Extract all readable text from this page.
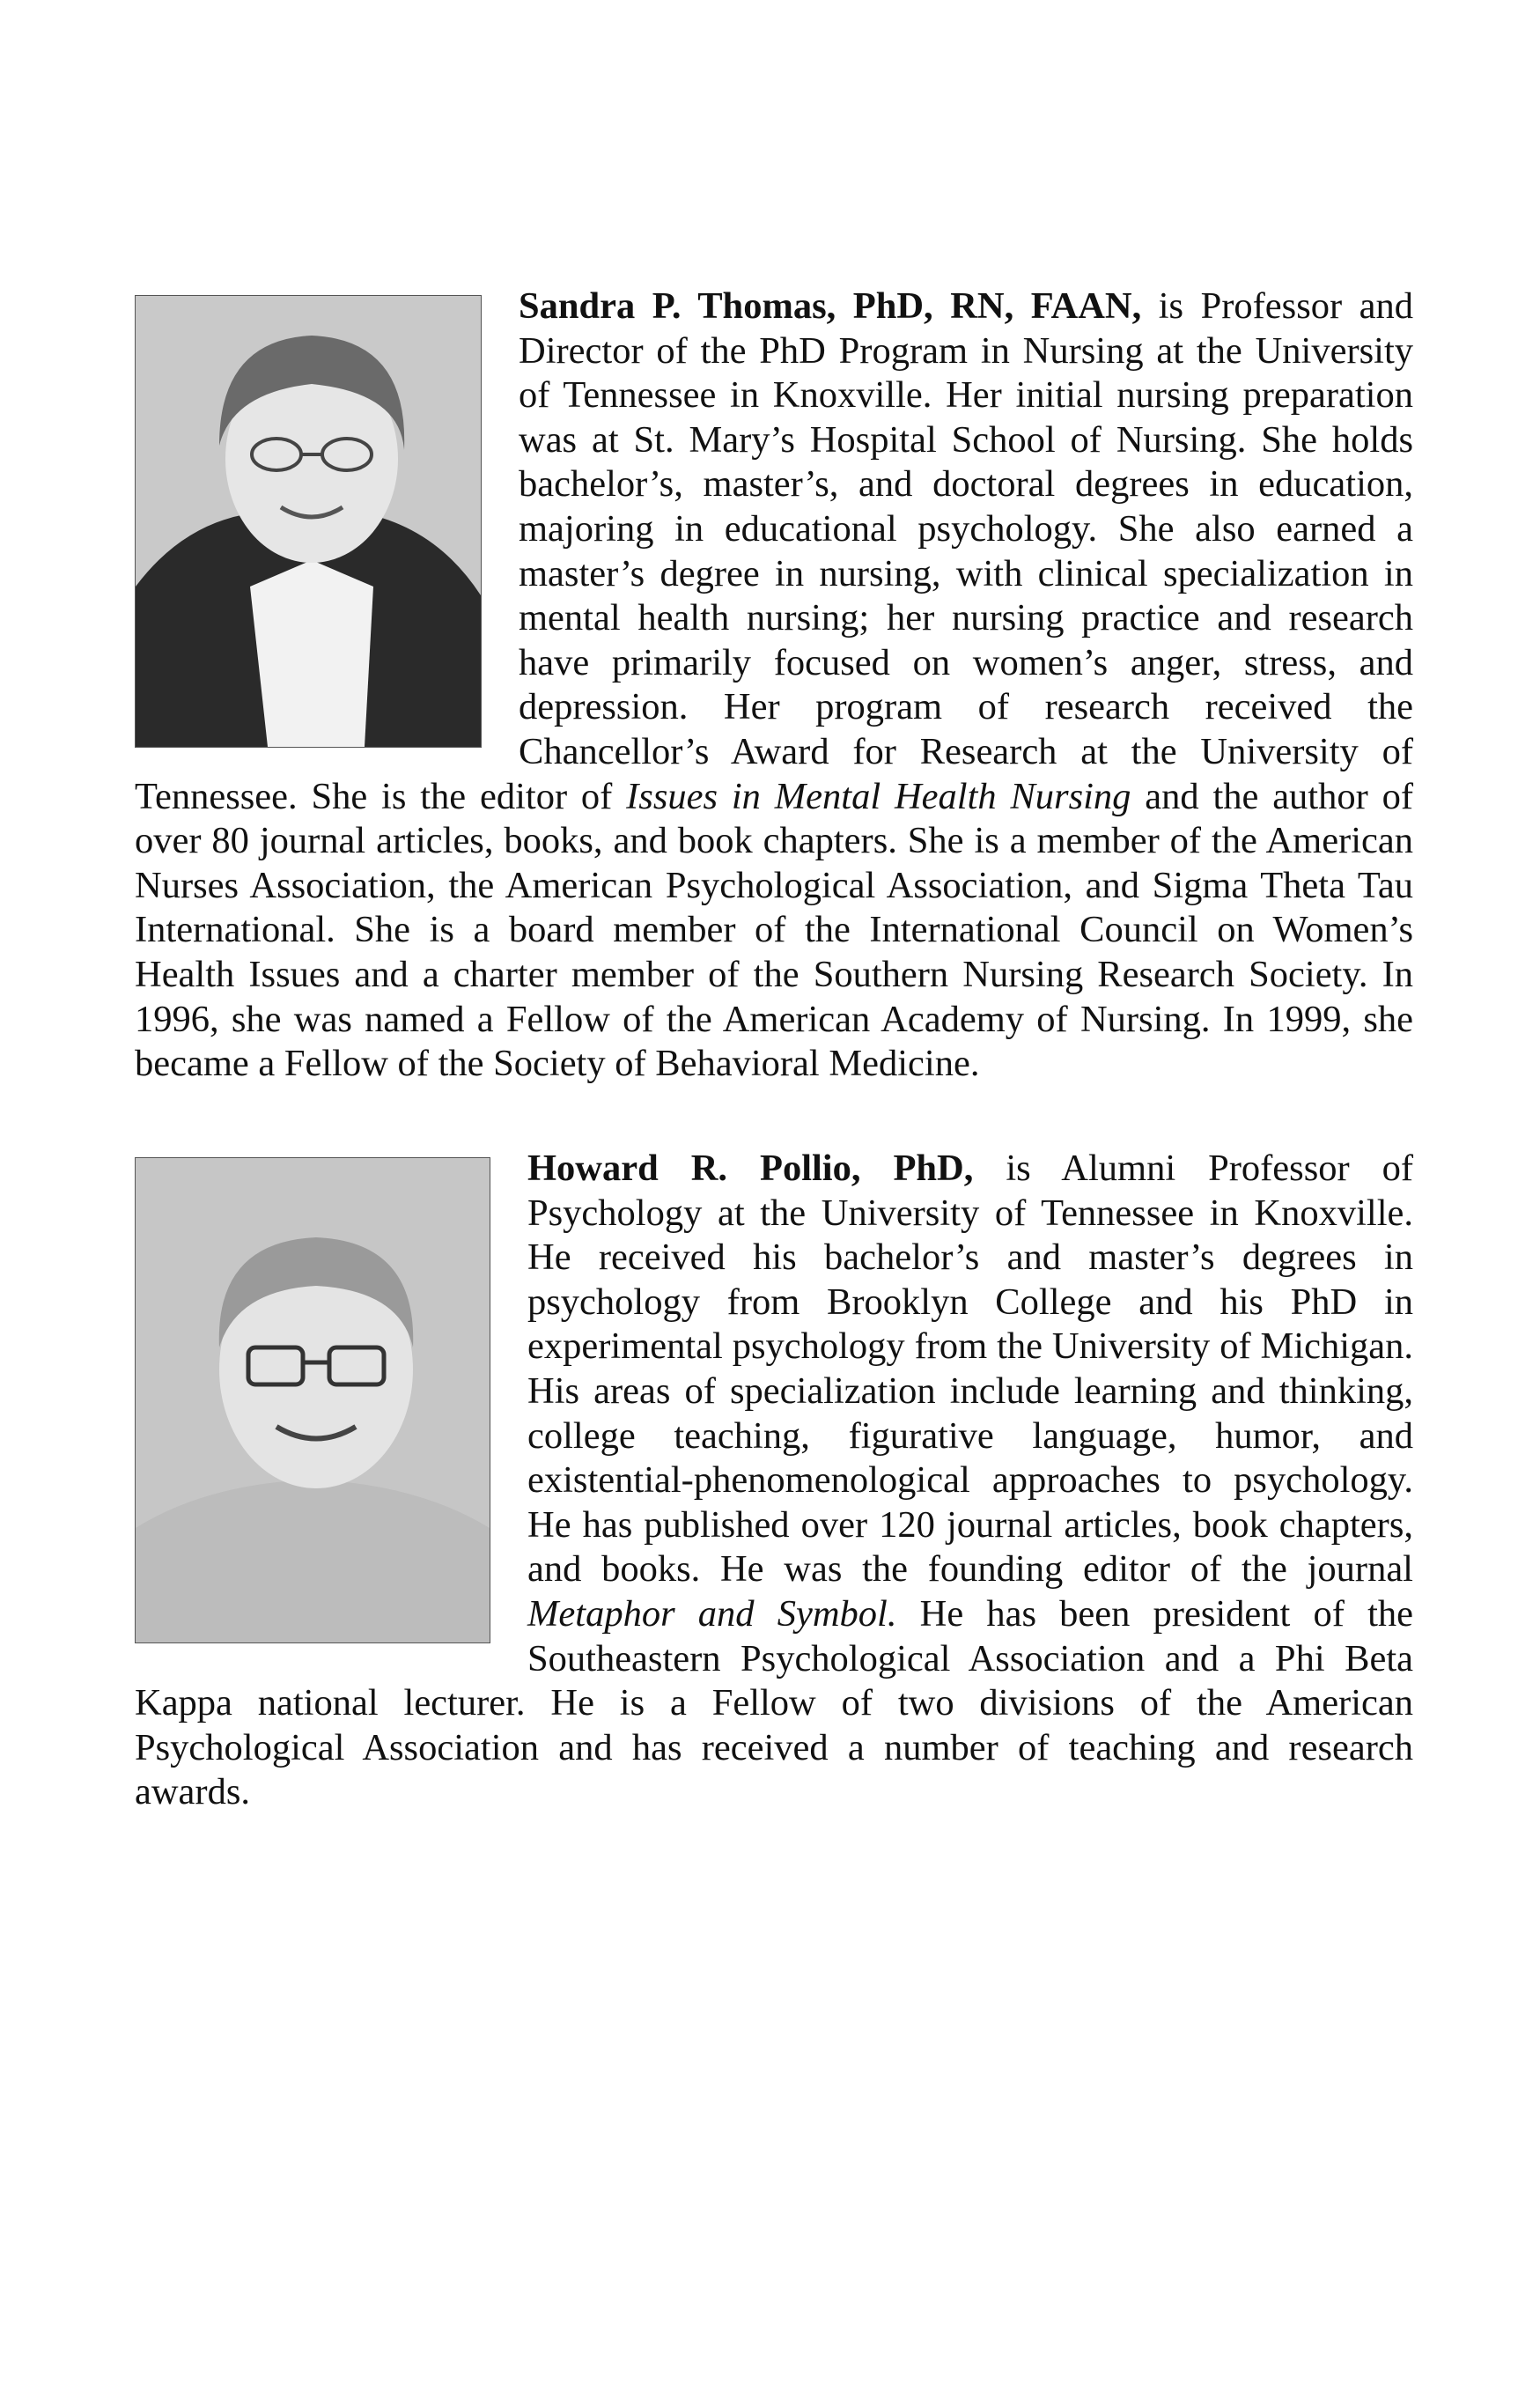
Sandra P. Thomas, PhD, RN, FAAN, is Professor and Director of the PhD Program in Nursing at the University of Tennessee in Knoxville. Her initial nursing preparation was at St. Mary’s Hospital School of Nursing. She holds bachelor’s, master’s, and doctoral degrees in education, majoring in educational psychology. She also earned a master’s degree in nursing, with clinical specialization in mental health nursing; her nursing practice and research have primarily focused on women’s anger, stress, and depression. Her program of research received the Chancellor’s Award for Research at the University of Tennessee. She is the editor of Issues in Mental Health Nursing and the author of over 80 journal articles, books, and book chapters. She is a member of the American Nurses Association, the American Psychological Association, and Sigma Theta Tau International. She is a board member of the International Council on Women’s Health Issues and a charter member of the Southern Nursing Research Society. In 1996, she was named a Fellow of the American Academy of Nursing. In 1999, she became a Fellow of the Society of Behavioral Medicine.

Howard R. Pollio, PhD, is Alumni Professor of Psychology at the University of Tennessee in Knoxville. He received his bachelor’s and master’s degrees in psychology from Brooklyn College and his PhD in experimental psychology from the University of Michigan. His areas of specialization include learning and thinking, college teaching, figurative language, humor, and existential-phenomenological approaches to psychology. He has published over 120 journal articles, book chapters, and books. He was the founding editor of the journal Metaphor and Symbol. He has been president of the Southeastern Psychological Association and a Phi Beta Kappa national lecturer. He is a Fellow of two divisions of the American Psychological Association and has received a number of teaching and research awards.
